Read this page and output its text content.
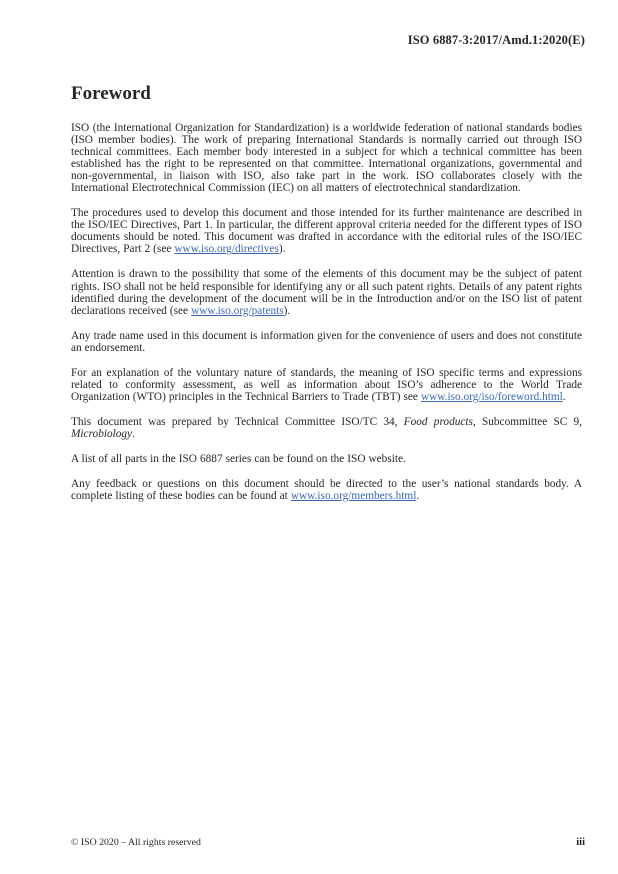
ISO 6887-3:2017/Amd.1:2020(E)
Foreword

ISO (the International Organization for Standardization) is a worldwide federation of national standards bodies (ISO member bodies). The work of preparing International Standards is normally carried out through ISO technical committees. Each member body interested in a subject for which a technical committee has been established has the right to be represented on that committee. International organizations, governmental and non-governmental, in liaison with ISO, also take part in the work. ISO collaborates closely with the International Electrotechnical Commission (IEC) on all matters of electrotechnical standardization.

The procedures used to develop this document and those intended for its further maintenance are described in the ISO/IEC Directives, Part 1. In particular, the different approval criteria needed for the different types of ISO documents should be noted. This document was drafted in accordance with the editorial rules of the ISO/IEC Directives, Part 2 (see www.iso.org/directives).

Attention is drawn to the possibility that some of the elements of this document may be the subject of patent rights. ISO shall not be held responsible for identifying any or all such patent rights. Details of any patent rights identified during the development of the document will be in the Introduction and/or on the ISO list of patent declarations received (see www.iso.org/patents).

Any trade name used in this document is information given for the convenience of users and does not constitute an endorsement.

For an explanation of the voluntary nature of standards, the meaning of ISO specific terms and expressions related to conformity assessment, as well as information about ISO’s adherence to the World Trade Organization (WTO) principles in the Technical Barriers to Trade (TBT) see www.iso.org/iso/foreword.html.

This document was prepared by Technical Committee ISO/TC 34, Food products, Subcommittee SC 9, Microbiology.

A list of all parts in the ISO 6887 series can be found on the ISO website.

Any feedback or questions on this document should be directed to the user’s national standards body. A complete listing of these bodies can be found at www.iso.org/members.html.

© ISO 2020 – All rights reserved	iii
